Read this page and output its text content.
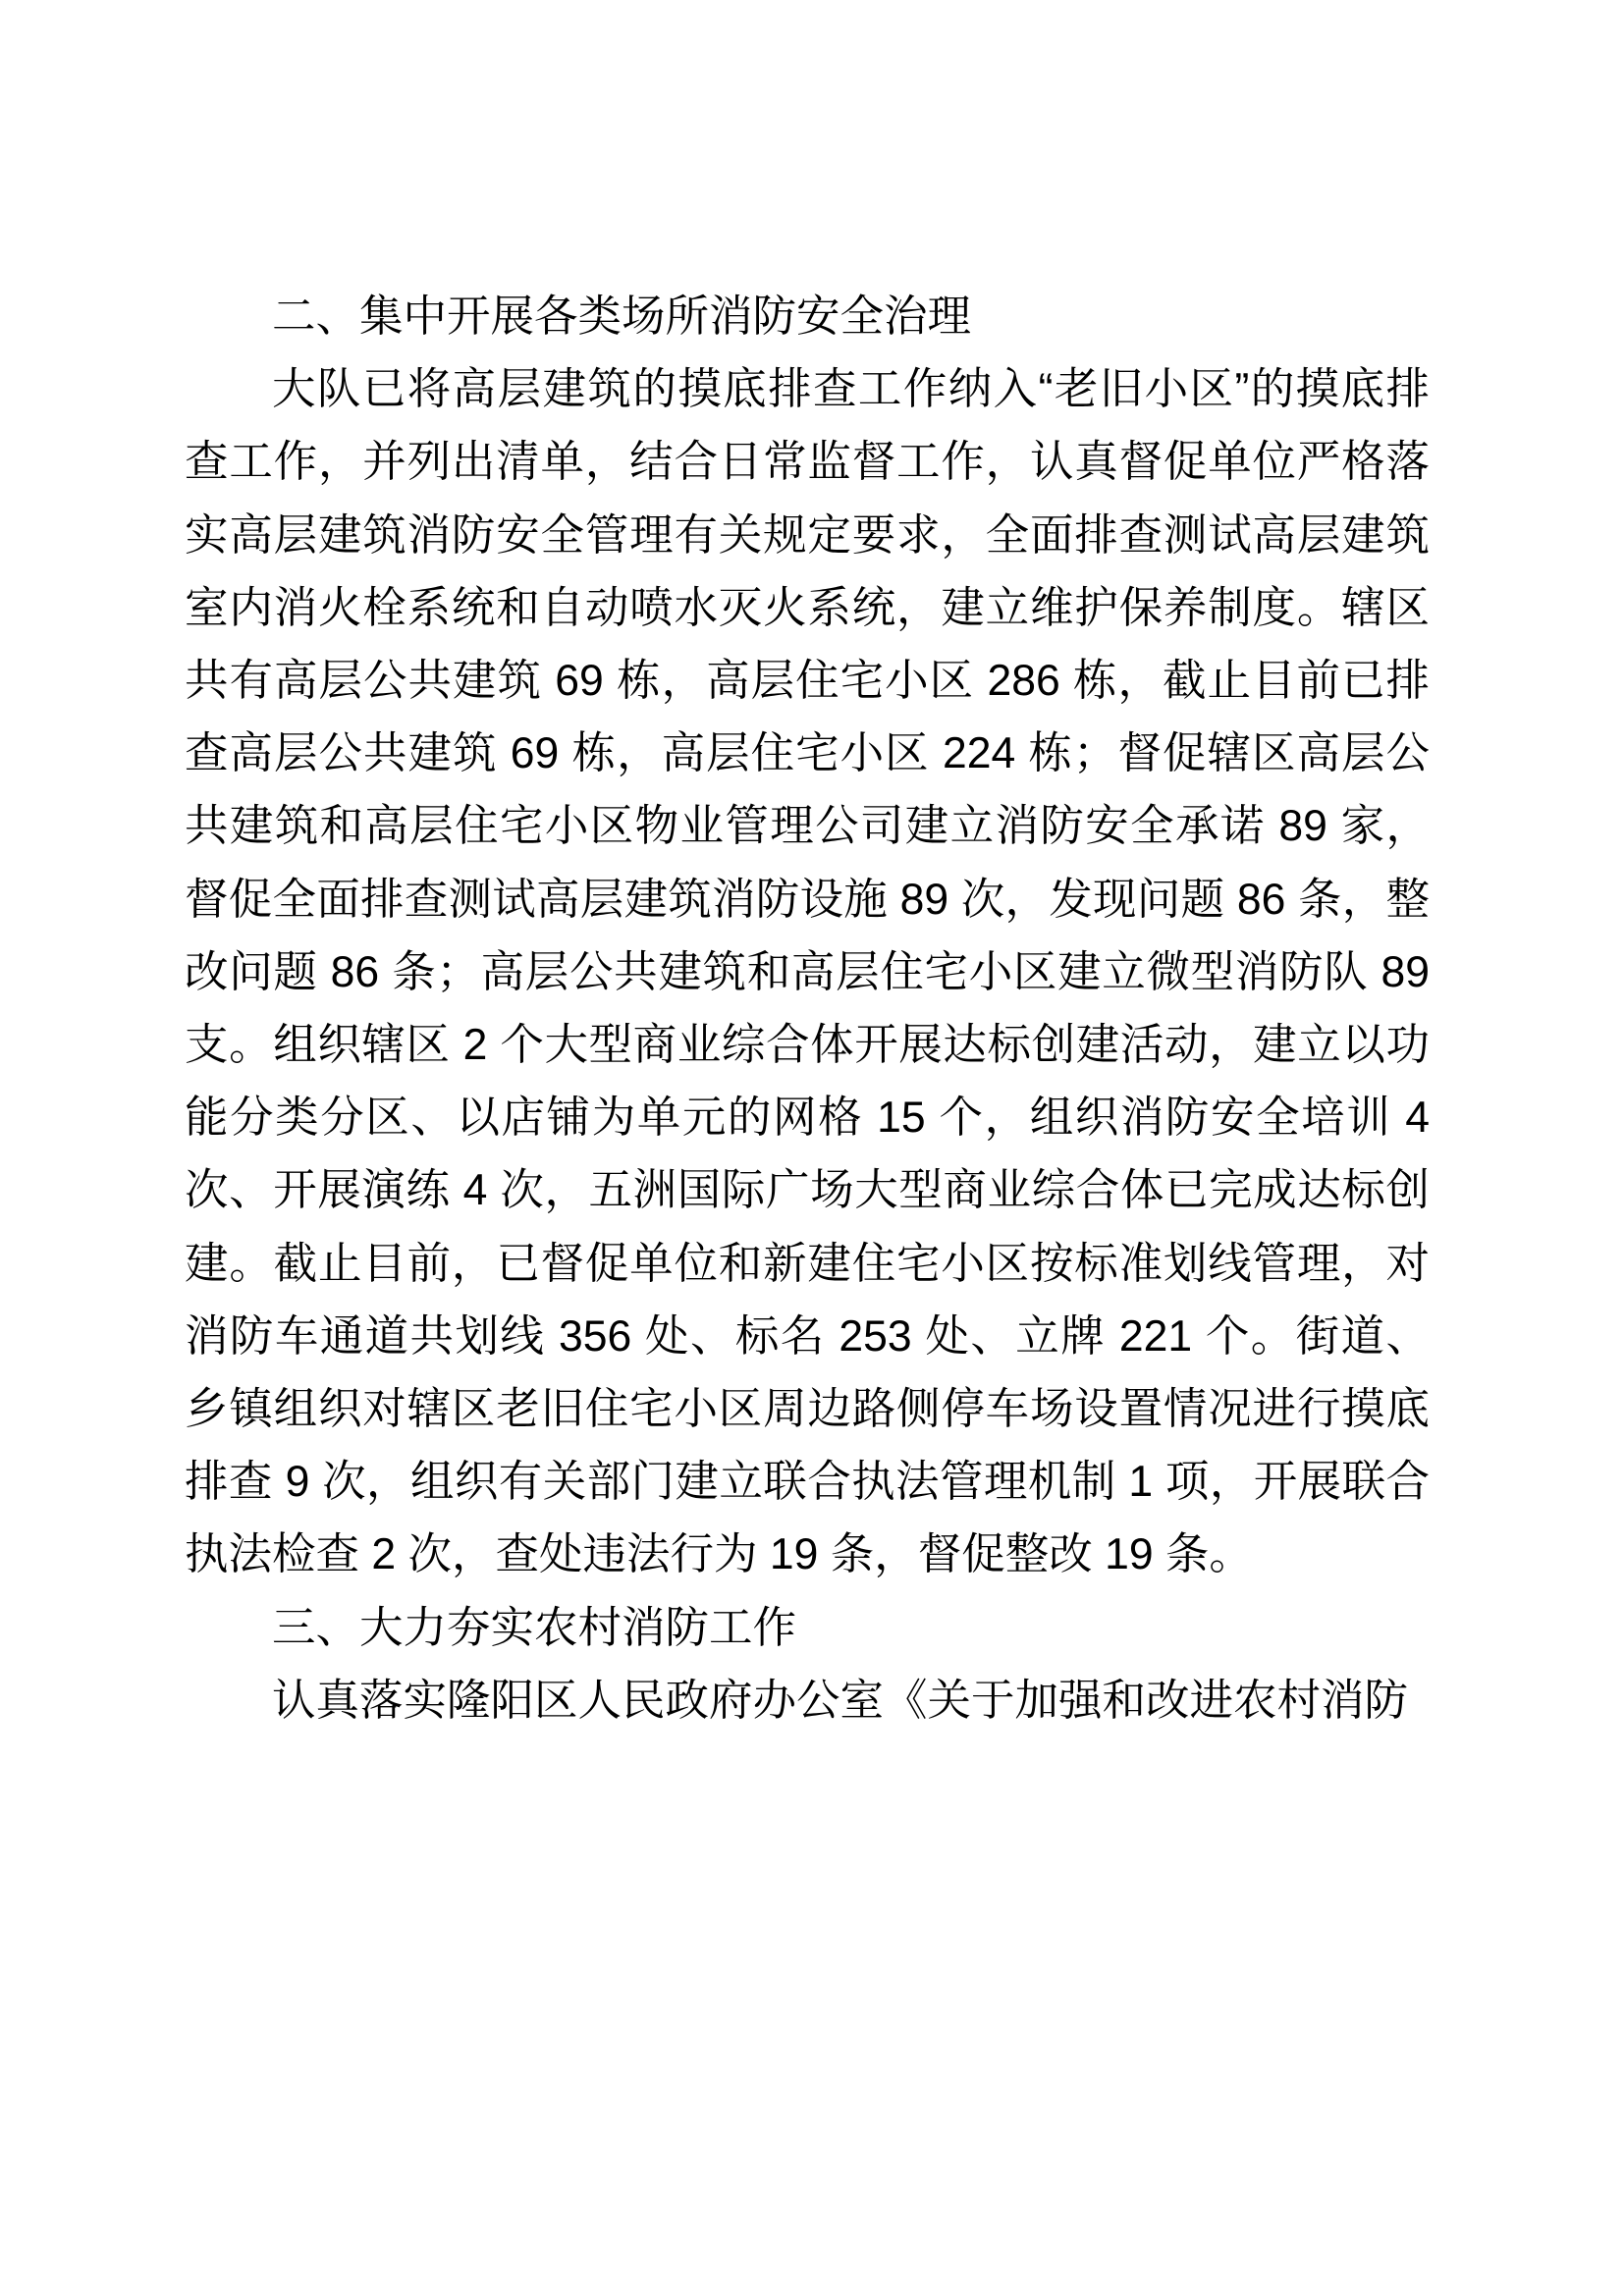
二、集中开展各类场所消防安全治理

大队已将高层建筑的摸底排查工作纳入“老旧小区”的摸底排查工作，并列出清单，结合日常监督工作，认真督促单位严格落实高层建筑消防安全管理有关规定要求，全面排查测试高层建筑室内消火栓系统和自动喷水灭火系统，建立维护保养制度。辖区共有高层公共建筑 69 栋，高层住宅小区 286 栋，截止目前已排查高层公共建筑 69 栋，高层住宅小区 224 栋；督促辖区高层公共建筑和高层住宅小区物业管理公司建立消防安全承诺 89 家，督促全面排查测试高层建筑消防设施 89 次，发现问题 86 条，整改问题 86 条；高层公共建筑和高层住宅小区建立微型消防队 89 支。组织辖区 2 个大型商业综合体开展达标创建活动，建立以功能分类分区、以店铺为单元的网格 15 个，组织消防安全培训 4 次、开展演练 4 次，五洲国际广场大型商业综合体已完成达标创建。截止目前，已督促单位和新建住宅小区按标准划线管理，对消防车通道共划线 356 处、标名 253 处、立牌 221 个。街道、乡镇组织对辖区老旧住宅小区周边路侧停车场设置情况进行摸底排查 9 次，组织有关部门建立联合执法管理机制 1 项，开展联合执法检查 2 次，查处违法行为 19 条，督促整改 19 条。

三、大力夯实农村消防工作

认真落实隆阳区人民政府办公室《关于加强和改进农村消防
